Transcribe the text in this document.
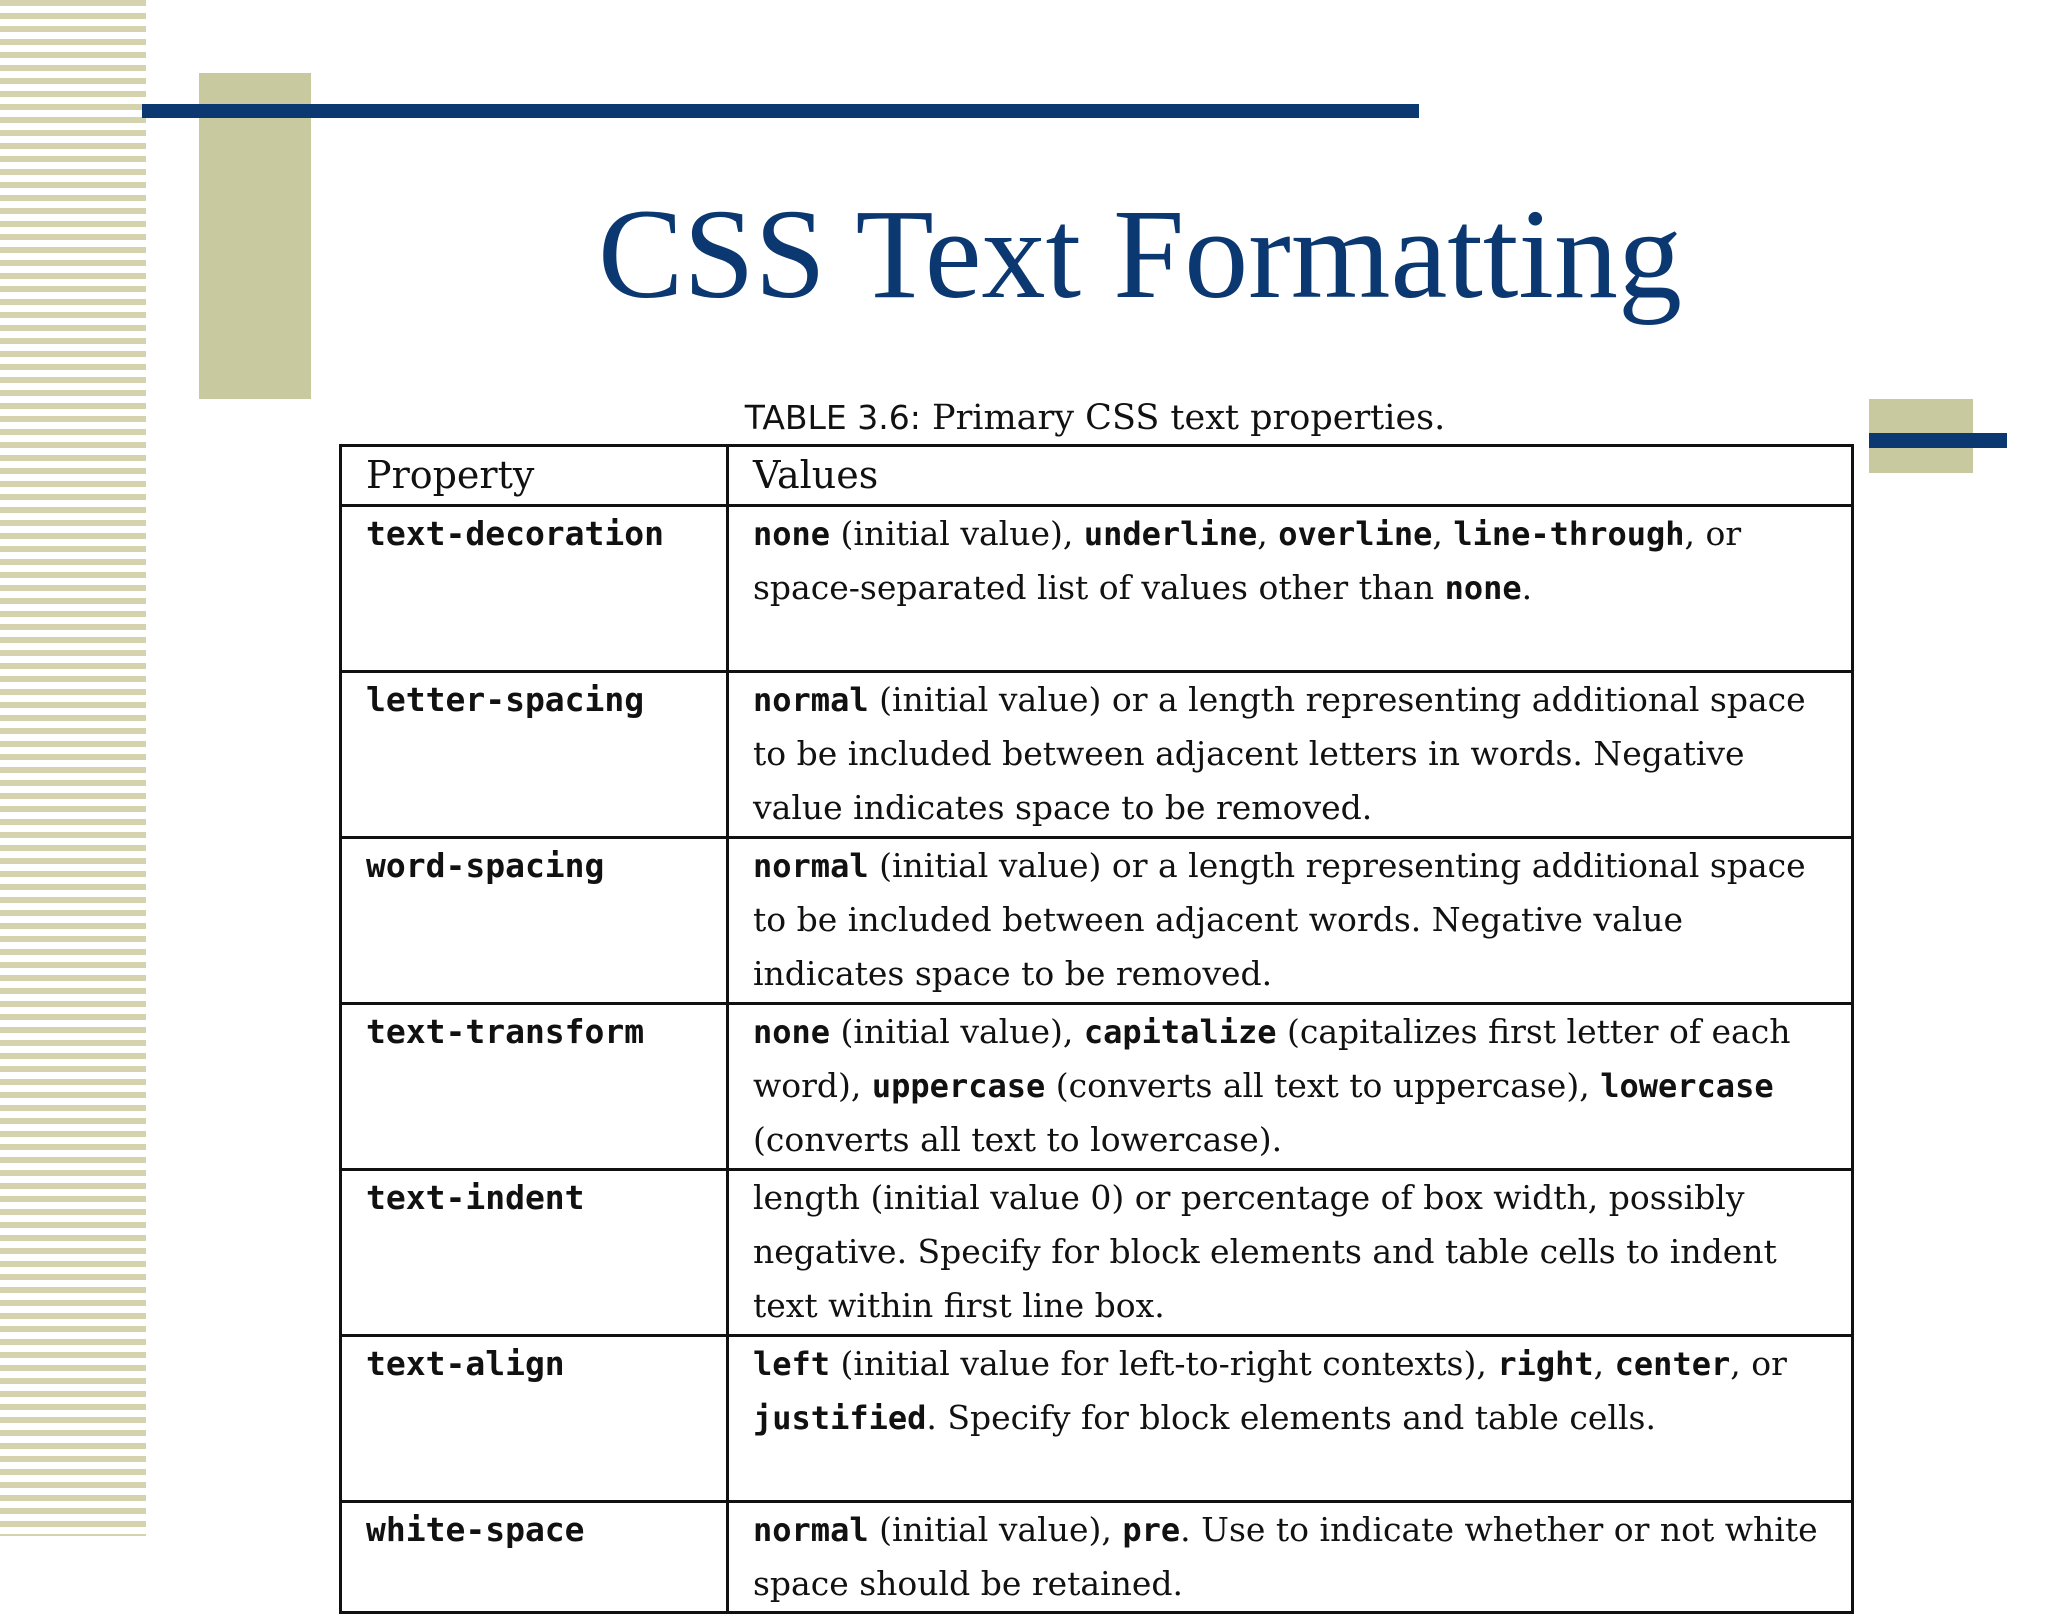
CSS Text Formatting
TABLE 3.6: Primary CSS text properties.
Property	Values
text-decoration	none (initial value), underline, overline, line-through, or space-separated list of values other than none.
letter-spacing	normal (initial value) or a length representing additional space to be included between adjacent letters in words. Negative value indicates space to be removed.
word-spacing	normal (initial value) or a length representing additional space to be included between adjacent words. Negative value indicates space to be removed.
text-transform	none (initial value), capitalize (capitalizes first letter of each word), uppercase (converts all text to uppercase), lowercase (converts all text to lowercase).
text-indent	length (initial value 0) or percentage of box width, possibly negative. Specify for block elements and table cells to indent text within first line box.
text-align	left (initial value for left-to-right contexts), right, center, or justified. Specify for block elements and table cells.
white-space	normal (initial value), pre. Use to indicate whether or not white space should be retained.
